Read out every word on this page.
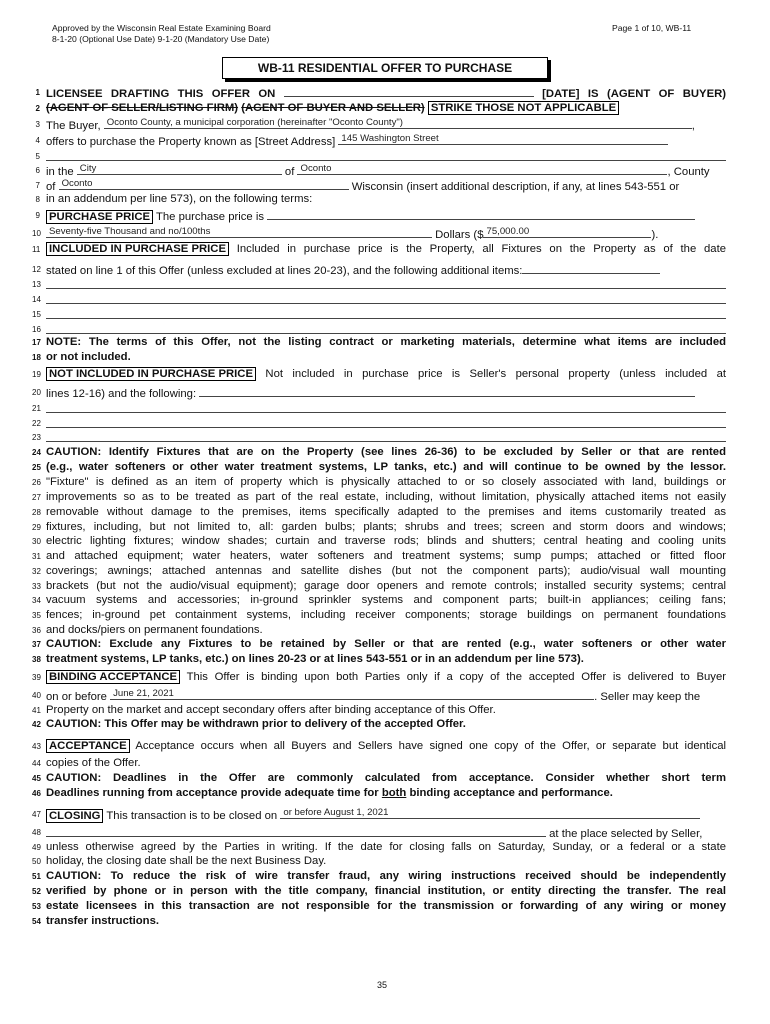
Approved by the Wisconsin Real Estate Examining Board
8-1-20 (Optional Use Date) 9-1-20 (Mandatory Use Date)
Page 1 of 10, WB-11
WB-11 RESIDENTIAL OFFER TO PURCHASE
1 LICENSEE DRAFTING THIS OFFER ON	[DATE] IS (AGENT OF BUYER)
2 (AGENT OF SELLER/LISTING FIRM) (AGENT OF BUYER AND SELLER) STRIKE THOSE NOT APPLICABLE
3 The Buyer, Oconto County, a municipal corporation (hereinafter "Oconto County")	,
4 offers to purchase the Property known as [Street Address] 145 Washington Street
5
6 in the City	of Oconto	, County
7 of Oconto	Wisconsin (insert additional description, if any, at lines 543-551 or
8 in an addendum per line 573), on the following terms:
9 PURCHASE PRICE The purchase price is
10 Seventy-five Thousand and no/100ths	Dollars ($ 75,000.00	).
11 INCLUDED IN PURCHASE PRICE Included in purchase price is the Property, all Fixtures on the Property as of the date
12 stated on line 1 of this Offer (unless excluded at lines 20-23), and the following additional items:
13
14
15
16
17 NOTE: The terms of this Offer, not the listing contract or marketing materials, determine what items are included
18 or not included.
19 NOT INCLUDED IN PURCHASE PRICE Not included in purchase price is Seller's personal property (unless included at
20 lines 12-16) and the following:
21
22
23
24 CAUTION: Identify Fixtures that are on the Property (see lines 26-36) to be excluded by Seller or that are rented
25 (e.g., water softeners or other water treatment systems, LP tanks, etc.) and will continue to be owned by the lessor.
26 "Fixture" is defined as an item of property which is physically attached to or so closely associated with land, buildings or
27 improvements so as to be treated as part of the real estate, including, without limitation, physically attached items not easily
28 removable without damage to the premises, items specifically adapted to the premises and items customarily treated as
29 fixtures, including, but not limited to, all: garden bulbs; plants; shrubs and trees; screen and storm doors and windows;
30 electric lighting fixtures; window shades; curtain and traverse rods; blinds and shutters; central heating and cooling units
31 and attached equipment; water heaters, water softeners and treatment systems; sump pumps; attached or fitted floor
32 coverings; awnings; attached antennas and satellite dishes (but not the component parts); audio/visual wall mounting
33 brackets (but not the audio/visual equipment); garage door openers and remote controls; installed security systems; central
34 vacuum systems and accessories; in-ground sprinkler systems and component parts; built-in appliances; ceiling fans;
35 fences; in-ground pet containment systems, including receiver components; storage buildings on permanent foundations
36 and docks/piers on permanent foundations.
37 CAUTION: Exclude any Fixtures to be retained by Seller or that are rented (e.g., water softeners or other water
38 treatment systems, LP tanks, etc.) on lines 20-23 or at lines 543-551 or in an addendum per line 573).
39 BINDING ACCEPTANCE This Offer is binding upon both Parties only if a copy of the accepted Offer is delivered to Buyer
40 on or before June 21, 2021	. Seller may keep the
41 Property on the market and accept secondary offers after binding acceptance of this Offer.
42 CAUTION: This Offer may be withdrawn prior to delivery of the accepted Offer.
43 ACCEPTANCE Acceptance occurs when all Buyers and Sellers have signed one copy of the Offer, or separate but identical
44 copies of the Offer.
45 CAUTION: Deadlines in the Offer are commonly calculated from acceptance. Consider whether short term
46 Deadlines running from acceptance provide adequate time for both binding acceptance and performance.
47 CLOSING This transaction is to be closed on or before August 1, 2021
48	at the place selected by Seller,
49 unless otherwise agreed by the Parties in writing. If the date for closing falls on Saturday, Sunday, or a federal or a state
50 holiday, the closing date shall be the next Business Day.
51 CAUTION: To reduce the risk of wire transfer fraud, any wiring instructions received should be independently
52 verified by phone or in person with the title company, financial institution, or entity directing the transfer. The real
53 estate licensees in this transaction are not responsible for the transmission or forwarding of any wiring or money
54 transfer instructions.
35
